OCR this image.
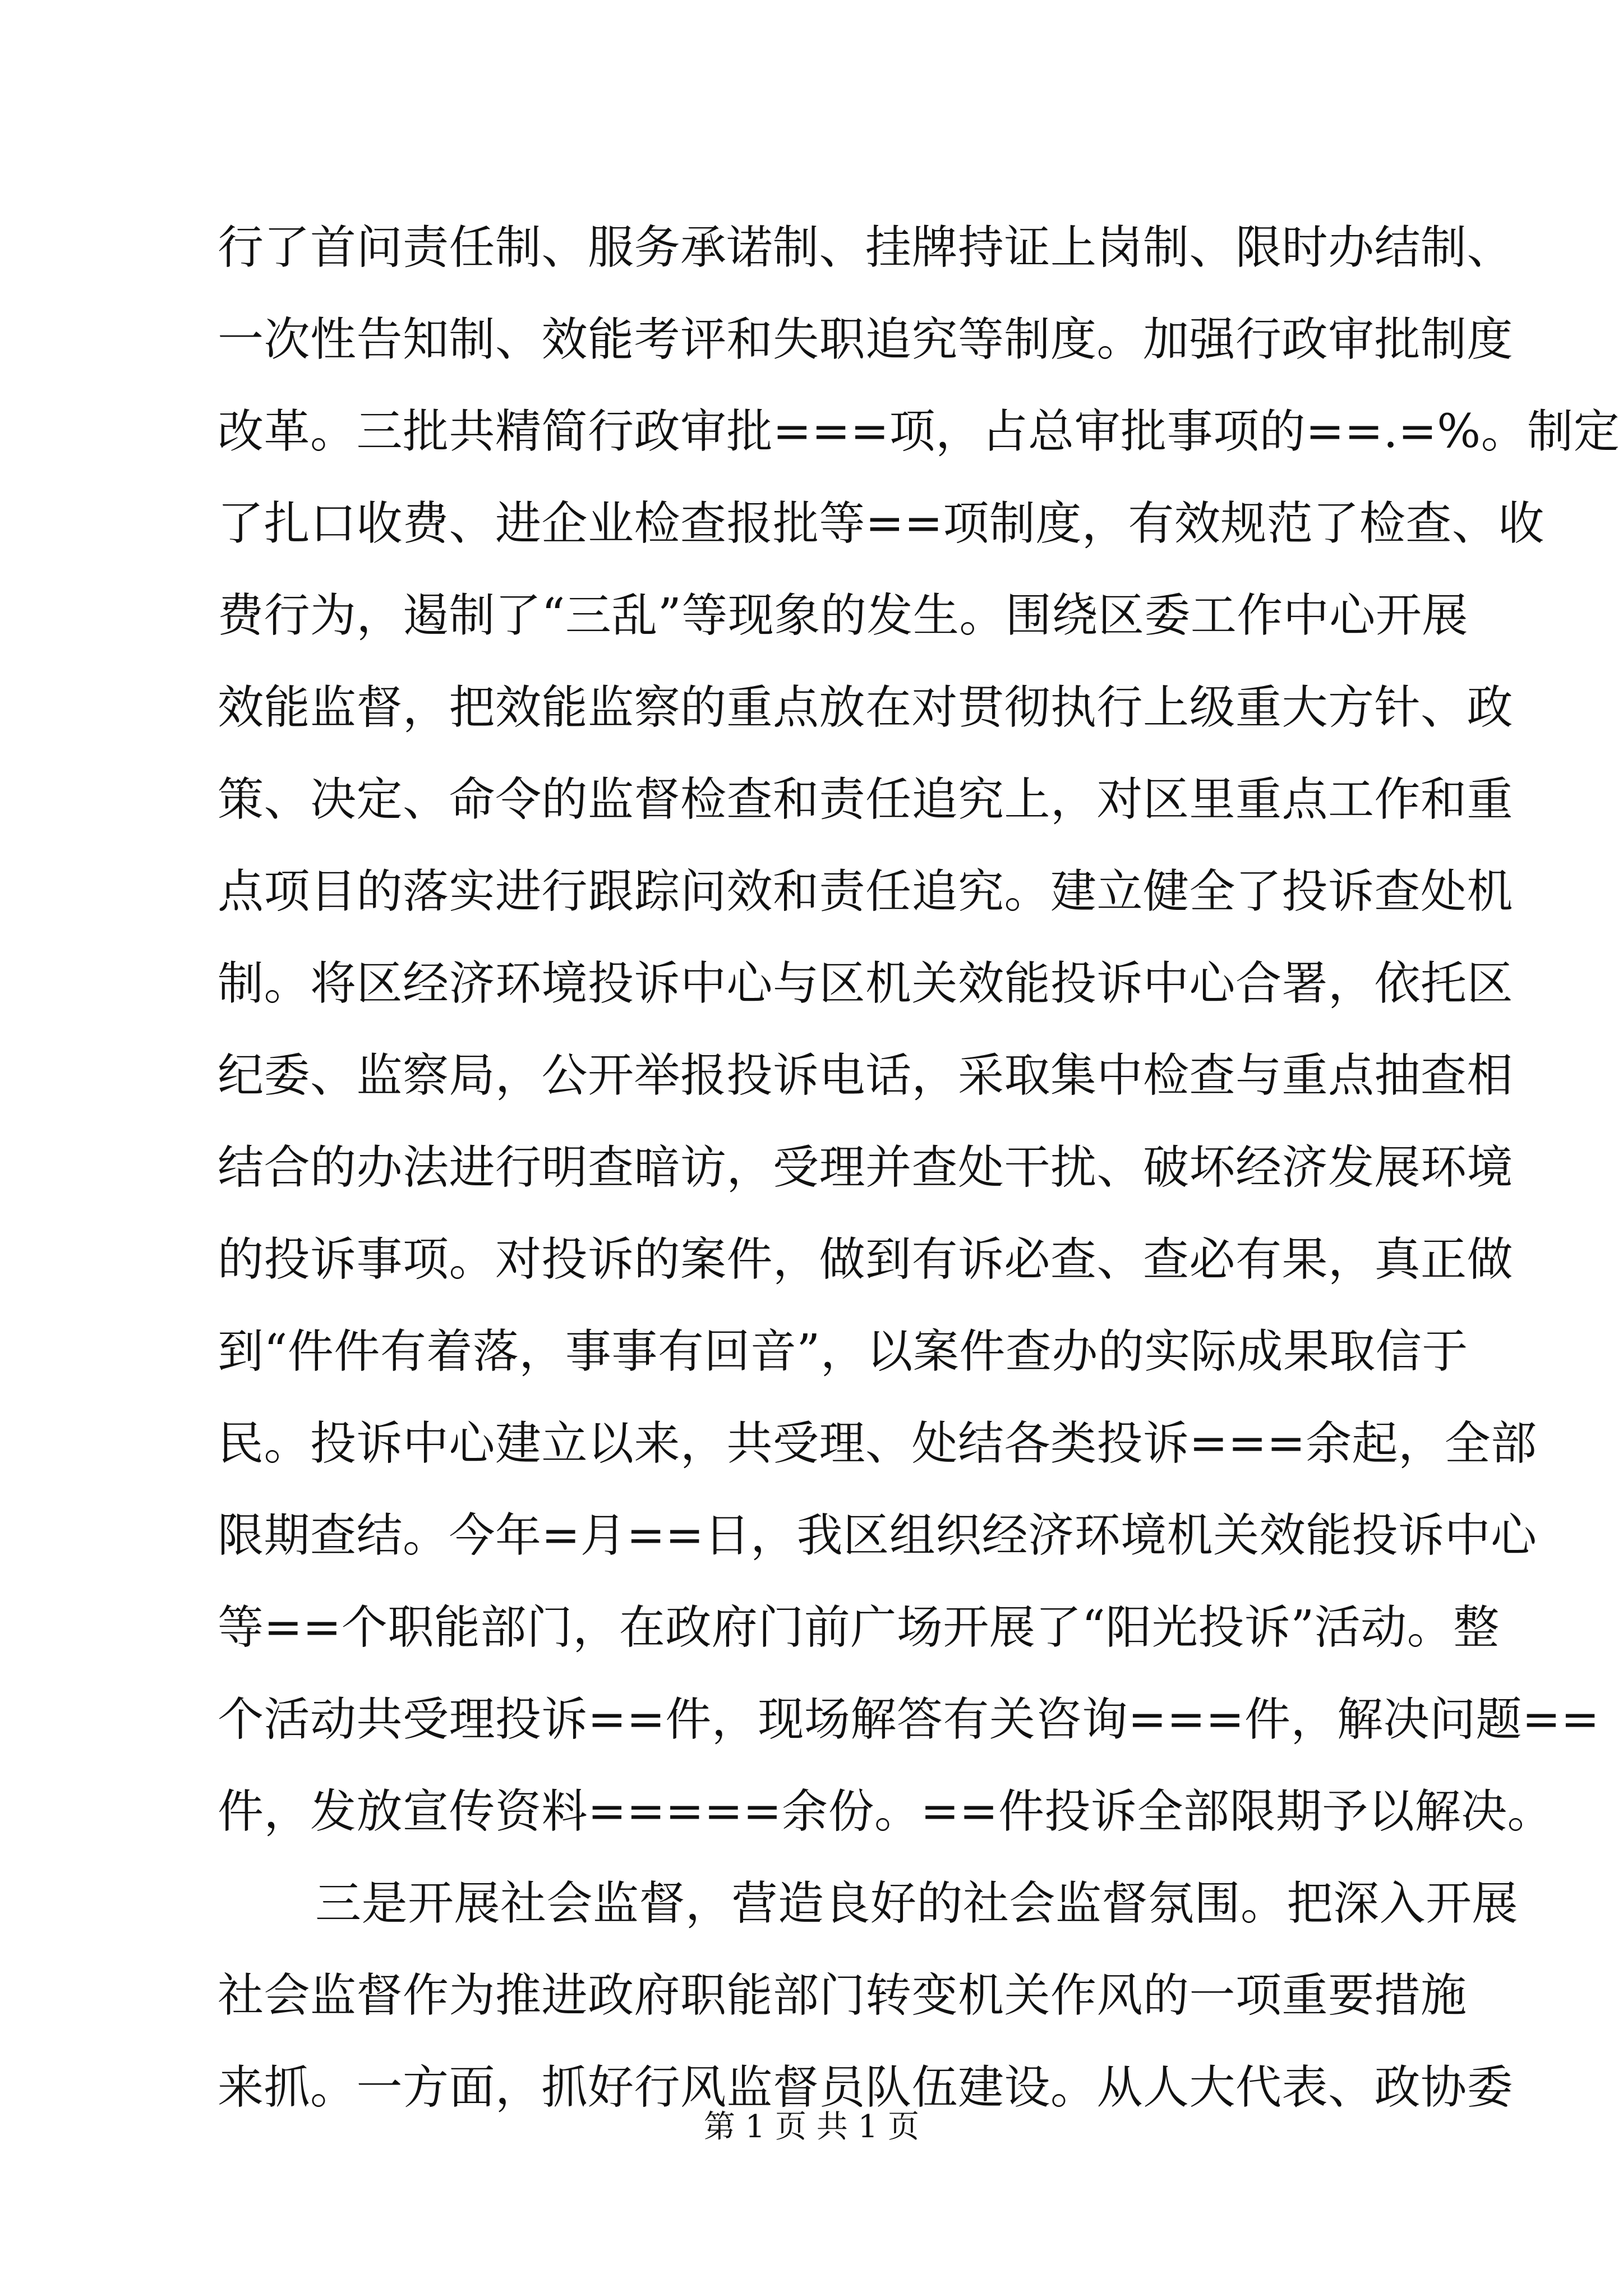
行了首问责任制、服务承诺制、挂牌持证上岗制、限时办结制、
一次性告知制、效能考评和失职追究等制度。加强行政审批制度
改革。三批共精简行政审批===项，占总审批事项的==.=%。制定
了扎口收费、进企业检查报批等==项制度，有效规范了检查、收
费行为，遏制了“三乱”等现象的发生。围绕区委工作中心开展
效能监督，把效能监察的重点放在对贯彻执行上级重大方针、政
策、决定、命令的监督检查和责任追究上，对区里重点工作和重
点项目的落实进行跟踪问效和责任追究。建立健全了投诉查处机
制。将区经济环境投诉中心与区机关效能投诉中心合署，依托区
纪委、监察局，公开举报投诉电话，采取集中检查与重点抽查相
结合的办法进行明查暗访，受理并查处干扰、破坏经济发展环境
的投诉事项。对投诉的案件，做到有诉必查、查必有果，真正做
到“件件有着落，事事有回音”，以案件查办的实际成果取信于
民。投诉中心建立以来，共受理、处结各类投诉===余起，全部
限期查结。今年=月==日，我区组织经济环境机关效能投诉中心
等==个职能部门，在政府门前广场开展了“阳光投诉”活动。整
个活动共受理投诉==件，现场解答有关咨询===件，解决问题==
件，发放宣传资料=====余份。==件投诉全部限期予以解决。
三是开展社会监督，营造良好的社会监督氛围。把深入开展
社会监督作为推进政府职能部门转变机关作风的一项重要措施
来抓。一方面，抓好行风监督员队伍建设。从人大代表、政协委
第 1 页 共 1 页
